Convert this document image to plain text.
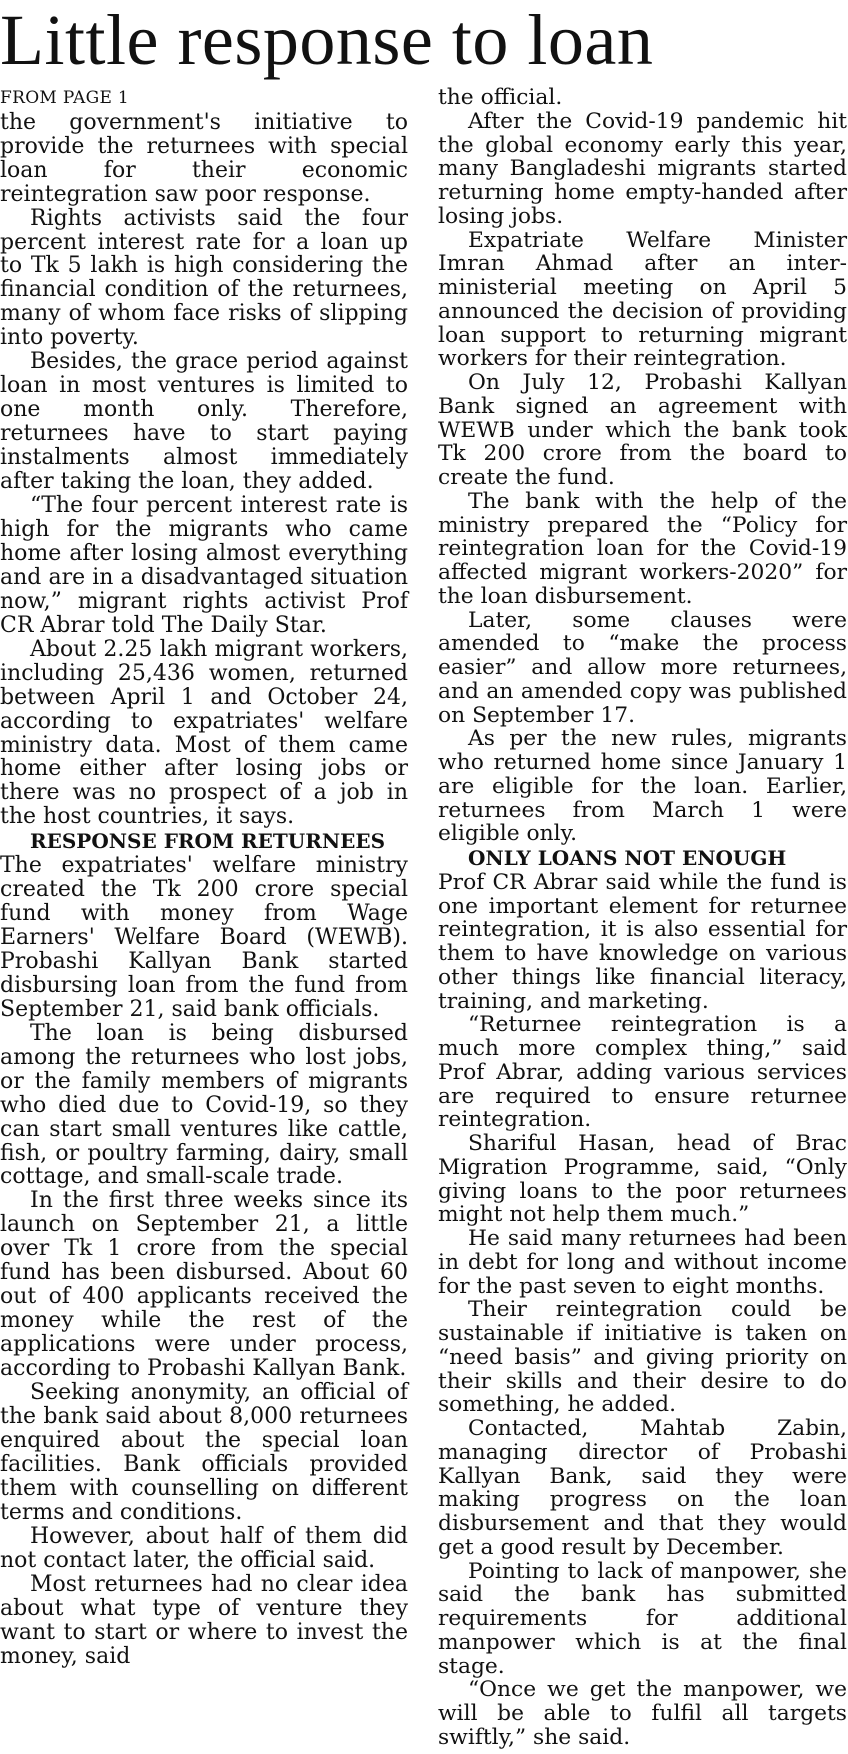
Little response to loan
FROM PAGE 1

the government's initiative to provide the returnees with special loan for their economic reintegration saw poor response.

Rights activists said the four percent interest rate for a loan up to Tk 5 lakh is high considering the financial condition of the returnees, many of whom face risks of slipping into poverty.

Besides, the grace period against loan in most ventures is limited to one month only. Therefore, returnees have to start paying instalments almost immediately after taking the loan, they added.

“The four percent interest rate is high for the migrants who came home after losing almost everything and are in a disadvantaged situation now,” migrant rights activist Prof CR Abrar told The Daily Star.

About 2.25 lakh migrant workers, including 25,436 women, returned between April 1 and October 24, according to expatriates' welfare ministry data. Most of them came home either after losing jobs or there was no prospect of a job in the host countries, it says.

RESPONSE FROM RETURNEES

The expatriates' welfare ministry created the Tk 200 crore special fund with money from Wage Earners' Welfare Board (WEWB). Probashi Kallyan Bank started disbursing loan from the fund from September 21, said bank officials.

The loan is being disbursed among the returnees who lost jobs, or the family members of migrants who died due to Covid-19, so they can start small ventures like cattle, fish, or poultry farming, dairy, small cottage, and small-scale trade.

In the first three weeks since its launch on September 21, a little over Tk 1 crore from the special fund has been disbursed. About 60 out of 400 applicants received the money while the rest of the applications were under process, according to Probashi Kallyan Bank.

Seeking anonymity, an official of the bank said about 8,000 returnees enquired about the special loan facilities. Bank officials provided them with counselling on different terms and conditions.

However, about half of them did not contact later, the official said.

Most returnees had no clear idea about what type of venture they want to start or where to invest the money, said

the official.

After the Covid-19 pandemic hit the global economy early this year, many Bangladeshi migrants started returning home empty-handed after losing jobs.

Expatriate Welfare Minister Imran Ahmad after an inter-ministerial meeting on April 5 announced the decision of providing loan support to returning migrant workers for their reintegration.

On July 12, Probashi Kallyan Bank signed an agreement with WEWB under which the bank took Tk 200 crore from the board to create the fund.

The bank with the help of the ministry prepared the “Policy for reintegration loan for the Covid-19 affected migrant workers-2020” for the loan disbursement.

Later, some clauses were amended to “make the process easier” and allow more returnees, and an amended copy was published on September 17.

As per the new rules, migrants who returned home since January 1 are eligible for the loan. Earlier, returnees from March 1 were eligible only.

ONLY LOANS NOT ENOUGH

Prof CR Abrar said while the fund is one important element for returnee reintegration, it is also essential for them to have knowledge on various other things like financial literacy, training, and marketing.

“Returnee reintegration is a much more complex thing,” said Prof Abrar, adding various services are required to ensure returnee reintegration.

Shariful Hasan, head of Brac Migration Programme, said, “Only giving loans to the poor returnees might not help them much.”

He said many returnees had been in debt for long and without income for the past seven to eight months.

Their reintegration could be sustainable if initiative is taken on “need basis” and giving priority on their skills and their desire to do something, he added.

Contacted, Mahtab Zabin, managing director of Probashi Kallyan Bank, said they were making progress on the loan disbursement and that they would get a good result by December.

Pointing to lack of manpower, she said the bank has submitted requirements for additional manpower which is at the final stage.

“Once we get the manpower, we will be able to fulfil all targets swiftly,” she said.
